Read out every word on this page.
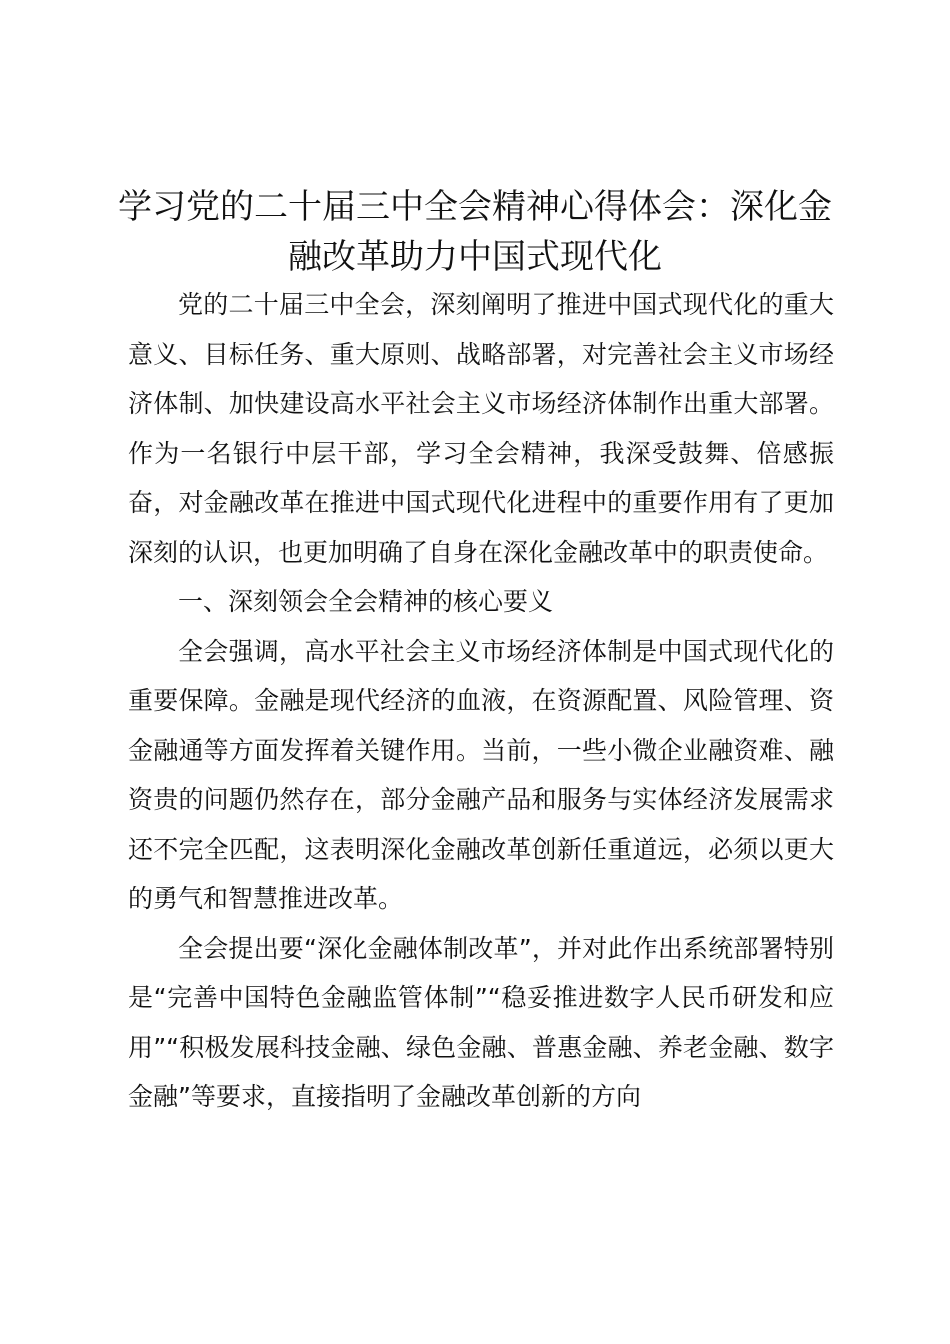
学习党的二十届三中全会精神心得体会：深化金融改革助力中国式现代化

党的二十届三中全会，深刻阐明了推进中国式现代化的重大意义、目标任务、重大原则、战略部署，对完善社会主义市场经济体制、加快建设高水平社会主义市场经济体制作出重大部署。作为一名银行中层干部，学习全会精神，我深受鼓舞、倍感振奋，对金融改革在推进中国式现代化进程中的重要作用有了更加深刻的认识，也更加明确了自身在深化金融改革中的职责使命。

一、深刻领会全会精神的核心要义

全会强调，高水平社会主义市场经济体制是中国式现代化的重要保障。金融是现代经济的血液，在资源配置、风险管理、资金融通等方面发挥着关键作用。当前，一些小微企业融资难、融资贵的问题仍然存在，部分金融产品和服务与实体经济发展需求还不完全匹配，这表明深化金融改革创新任重道远，必须以更大的勇气和智慧推进改革。

全会提出要“深化金融体制改革”，并对此作出系统部署特别是“完善中国特色金融监管体制”“稳妥推进数字人民币研发和应用”“积极发展科技金融、绿色金融、普惠金融、养老金融、数字金融”等要求，直接指明了金融改革创新的方向
